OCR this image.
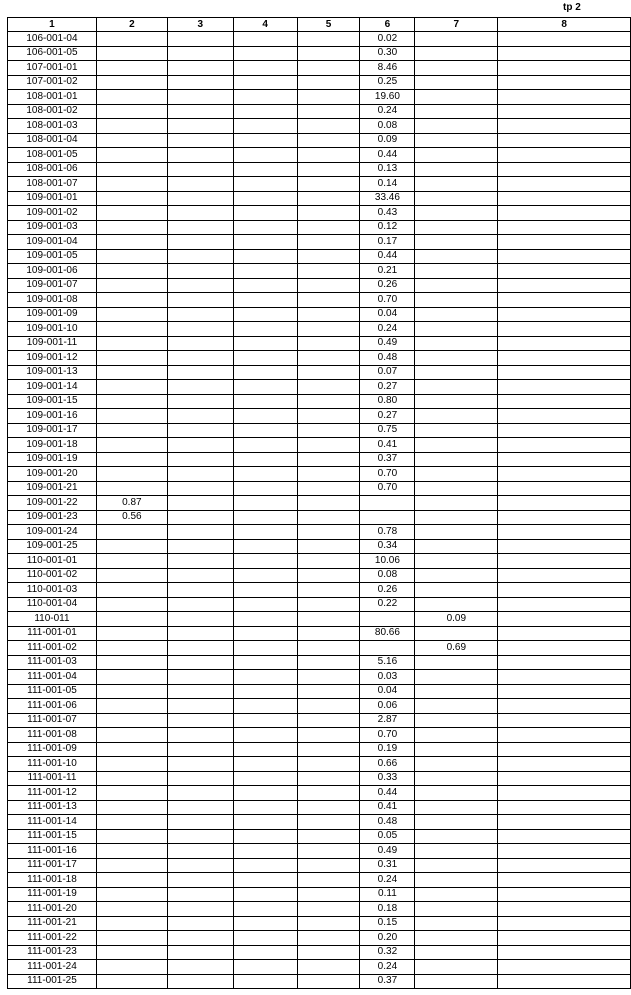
tp 2
1	2	3	4	5	6	7	8
106-001-04					0.02		
106-001-05					0.30		
107-001-01					8.46		
107-001-02					0.25		
108-001-01					19.60		
108-001-02					0.24		
108-001-03					0.08		
108-001-04					0.09		
108-001-05					0.44		
108-001-06					0.13		
108-001-07					0.14		
109-001-01					33.46		
109-001-02					0.43		
109-001-03					0.12		
109-001-04					0.17		
109-001-05					0.44		
109-001-06					0.21		
109-001-07					0.26		
109-001-08					0.70		
109-001-09					0.04		
109-001-10					0.24		
109-001-11					0.49		
109-001-12					0.48		
109-001-13					0.07		
109-001-14					0.27		
109-001-15					0.80		
109-001-16					0.27		
109-001-17					0.75		
109-001-18					0.41		
109-001-19					0.37		
109-001-20					0.70		
109-001-21					0.70		
109-001-22	0.87						
109-001-23	0.56						
109-001-24					0.78		
109-001-25					0.34		
110-001-01					10.06		
110-001-02					0.08		
110-001-03					0.26		
110-001-04					0.22		
110-011						0.09	
111-001-01					80.66		
111-001-02						0.69	
111-001-03					5.16		
111-001-04					0.03		
111-001-05					0.04		
111-001-06					0.06		
111-001-07					2.87		
111-001-08					0.70		
111-001-09					0.19		
111-001-10					0.66		
111-001-11					0.33		
111-001-12					0.44		
111-001-13					0.41		
111-001-14					0.48		
111-001-15					0.05		
111-001-16					0.49		
111-001-17					0.31		
111-001-18					0.24		
111-001-19					0.11		
111-001-20					0.18		
111-001-21					0.15		
111-001-22					0.20		
111-001-23					0.32		
111-001-24					0.24		
111-001-25					0.37		
